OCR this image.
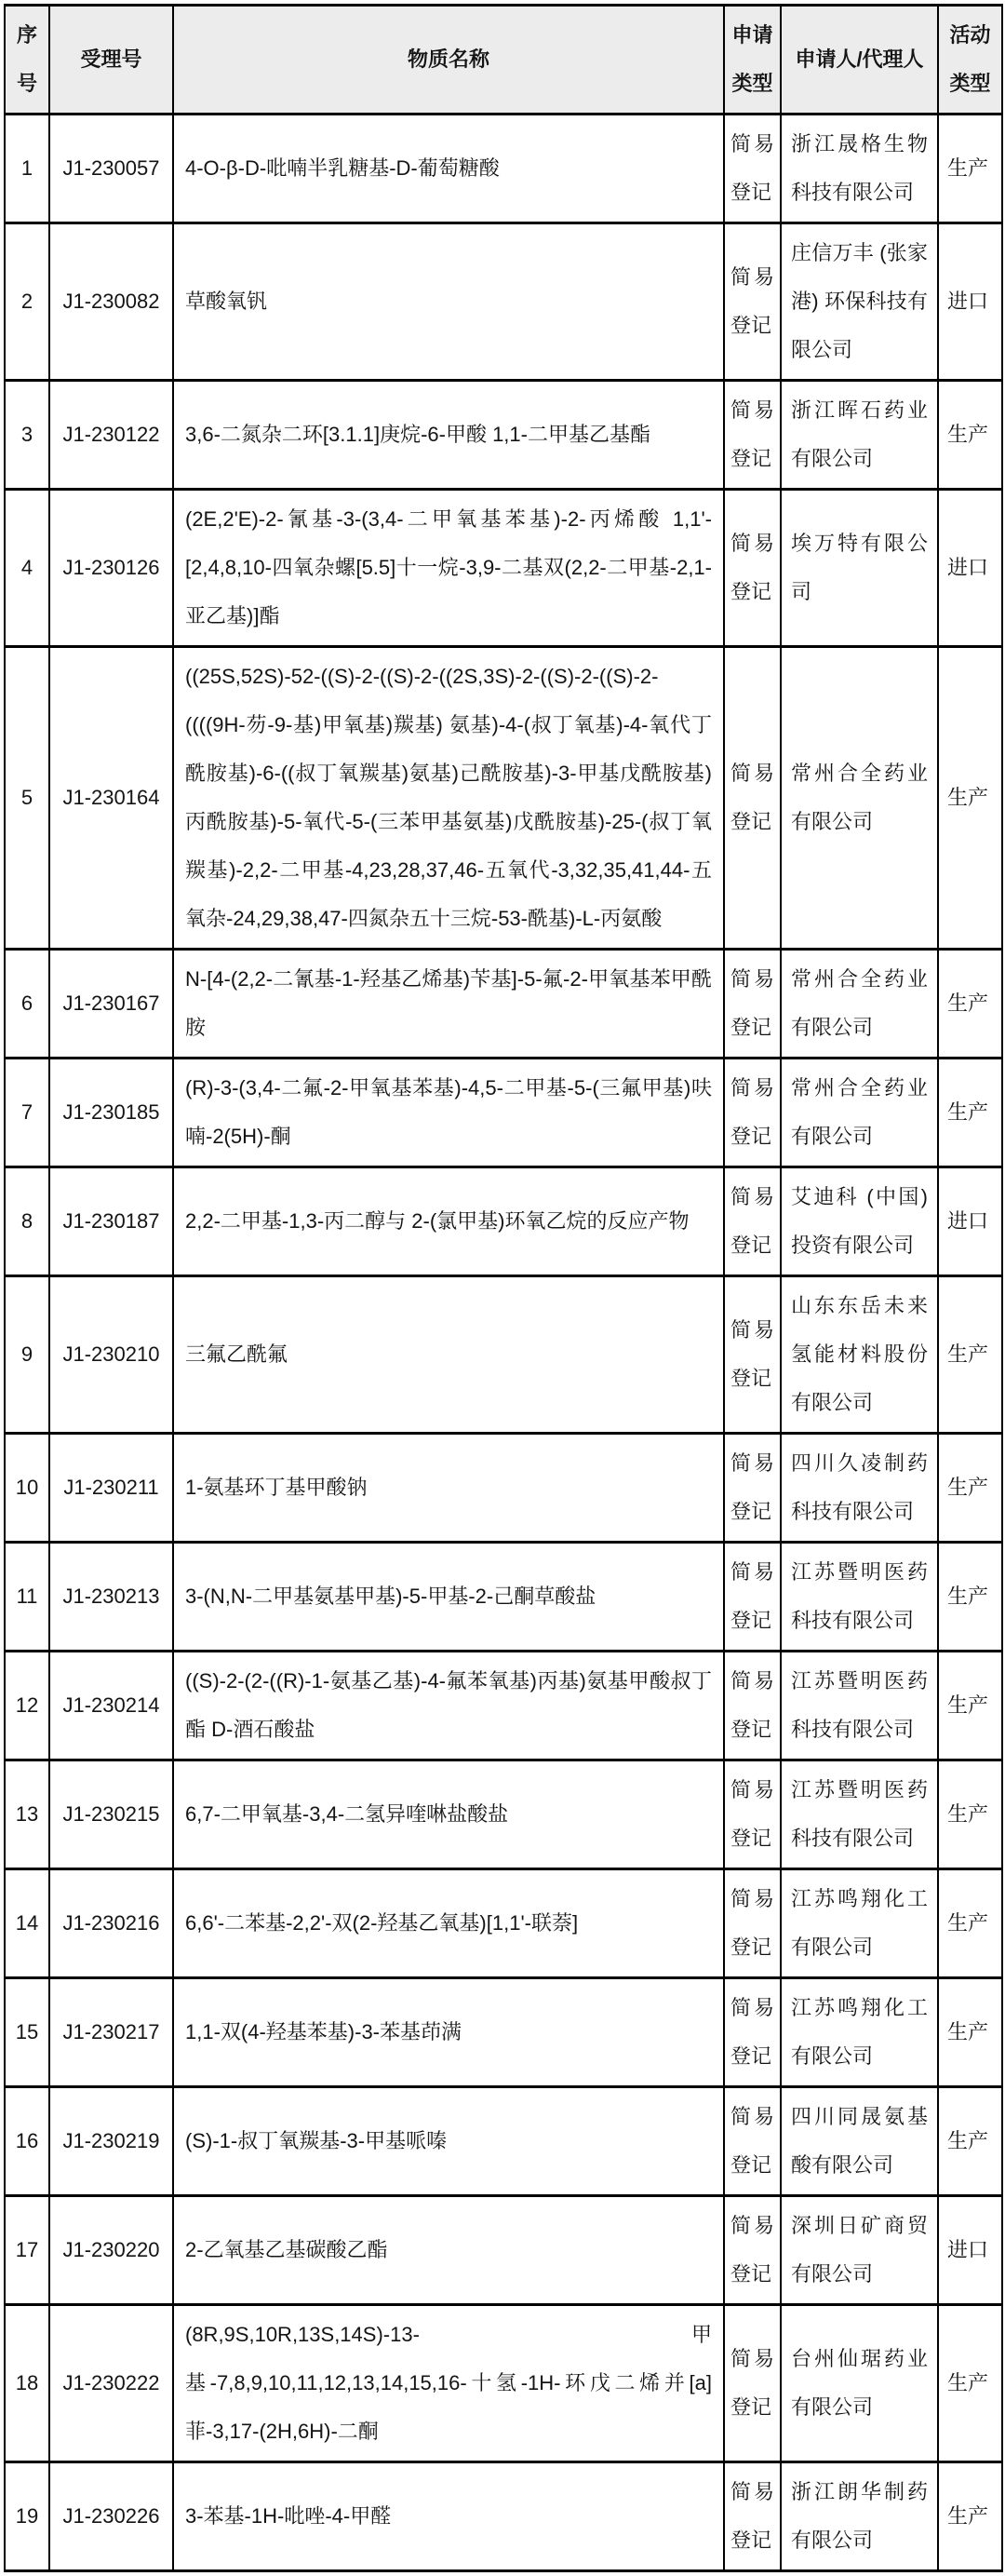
序号	受理号	物质名称	申请类型	申请人/代理人	活动类型
1	J1-230057	4-O-β-D-吡喃半乳糖基-D-葡萄糖酸	简易登记	浙江晟格生物科技有限公司	生产
2	J1-230082	草酸氧钒	简易登记	庄信万丰 (张家港) 环保科技有限公司	进口
3	J1-230122	3,6-二氮杂二环[3.1.1]庚烷-6-甲酸 1,1-二甲基乙基酯	简易登记	浙江晖石药业有限公司	生产
4	J1-230126	(2E,2'E)-2-氰基-3-(3,4-二甲氧基苯基)-2-丙烯酸 1,1'-[2,4,8,10-四氧杂螺[5.5]十一烷-3,9-二基双(2,2-二甲基-2,1-亚乙基)]酯	简易登记	埃万特有限公司	进口
5	J1-230164	((25S,52S)-52-((S)-2-((S)-2-((2S,3S)-2-((S)-2-((S)-2-((((9H-芴-9-基)甲氧基)羰基) 氨基)-4-(叔丁氧基)-4-氧代丁酰胺基)-6-((叔丁氧羰基)氨基)己酰胺基)-3-甲基戊酰胺基)丙酰胺基)-5-氧代-5-(三苯甲基氨基)戊酰胺基)-25-(叔丁氧羰基)-2,2-二甲基-4,23,28,37,46-五氧代-3,32,35,41,44-五氧杂-24,29,38,47-四氮杂五十三烷-53-酰基)-L-丙氨酸	简易登记	常州合全药业有限公司	生产
6	J1-230167	N-[4-(2,2-二氰基-1-羟基乙烯基)苄基]-5-氟-2-甲氧基苯甲酰胺	简易登记	常州合全药业有限公司	生产
7	J1-230185	(R)-3-(3,4-二氟-2-甲氧基苯基)-4,5-二甲基-5-(三氟甲基)呋喃-2(5H)-酮	简易登记	常州合全药业有限公司	生产
8	J1-230187	2,2-二甲基-1,3-丙二醇与 2-(氯甲基)环氧乙烷的反应产物	简易登记	艾迪科 (中国) 投资有限公司	进口
9	J1-230210	三氟乙酰氟	简易登记	山东东岳未来氢能材料股份有限公司	生产
10	J1-230211	1-氨基环丁基甲酸钠	简易登记	四川久凌制药科技有限公司	生产
11	J1-230213	3-(N,N-二甲基氨基甲基)-5-甲基-2-己酮草酸盐	简易登记	江苏暨明医药科技有限公司	生产
12	J1-230214	((S)-2-(2-((R)-1-氨基乙基)-4-氟苯氧基)丙基)氨基甲酸叔丁酯 D-酒石酸盐	简易登记	江苏暨明医药科技有限公司	生产
13	J1-230215	6,7-二甲氧基-3,4-二氢异喹啉盐酸盐	简易登记	江苏暨明医药科技有限公司	生产
14	J1-230216	6,6'-二苯基-2,2'-双(2-羟基乙氧基)[1,1'-联萘]	简易登记	江苏鸣翔化工有限公司	生产
15	J1-230217	1,1-双(4-羟基苯基)-3-苯基茚满	简易登记	江苏鸣翔化工有限公司	生产
16	J1-230219	(S)-1-叔丁氧羰基-3-甲基哌嗪	简易登记	四川同晟氨基酸有限公司	生产
17	J1-230220	2-乙氧基乙基碳酸乙酯	简易登记	深圳日矿商贸有限公司	进口
18	J1-230222	(8R,9S,10R,13S,14S)-13-甲基-7,8,9,10,11,12,13,14,15,16-十氢-1H-环戊二烯并[a]菲-3,17-(2H,6H)-二酮	简易登记	台州仙琚药业有限公司	生产
19	J1-230226	3-苯基-1H-吡唑-4-甲醛	简易登记	浙江朗华制药有限公司	生产
